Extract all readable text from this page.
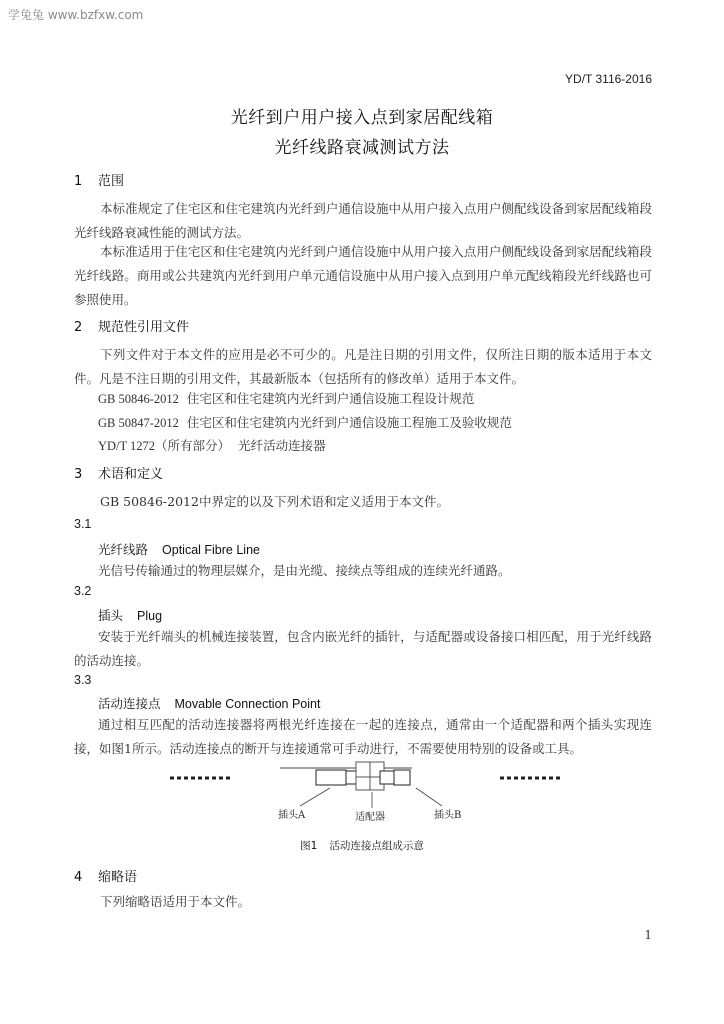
学兔兔 www.bzfxw.com
YD/T 3116-2016
光纤到户用户接入点到家居配线箱
光纤线路衰减测试方法
1 范围
本标准规定了住宅区和住宅建筑内光纤到户通信设施中从用户接入点用户侧配线设备到家居配线箱段光纤线路衰减性能的测试方法。
本标准适用于住宅区和住宅建筑内光纤到户通信设施中从用户接入点用户侧配线设备到家居配线箱段光纤线路。商用或公共建筑内光纤到用户单元通信设施中从用户接入点到用户单元配线箱段光纤线路也可参照使用。
2 规范性引用文件
下列文件对于本文件的应用是必不可少的。凡是注日期的引用文件，仅所注日期的版本适用于本文件。凡是不注日期的引用文件，其最新版本（包括所有的修改单）适用于本文件。
GB 50846-2012 住宅区和住宅建筑内光纤到户通信设施工程设计规范
GB 50847-2012 住宅区和住宅建筑内光纤到户通信设施工程施工及验收规范
YD/T 1272（所有部分） 光纤活动连接器
3 术语和定义
GB 50846-2012中界定的以及下列术语和定义适用于本文件。
3.1
光纤线路 Optical Fibre Line
光信号传输通过的物理层媒介，是由光缆、接续点等组成的连续光纤通路。
3.2
插头 Plug
安装于光纤端头的机械连接装置，包含内嵌光纤的插针，与适配器或设备接口相匹配，用于光纤线路的活动连接。
3.3
活动连接点 Movable Connection Point
通过相互匹配的活动连接器将两根光纤连接在一起的连接点，通常由一个适配器和两个插头实现连接，如图1所示。活动连接点的断开与连接通常可手动进行，不需要使用特别的设备或工具。
插头A	适配器	插头B
图1 活动连接点组成示意
4 缩略语
下列缩略语适用于本文件。
1
